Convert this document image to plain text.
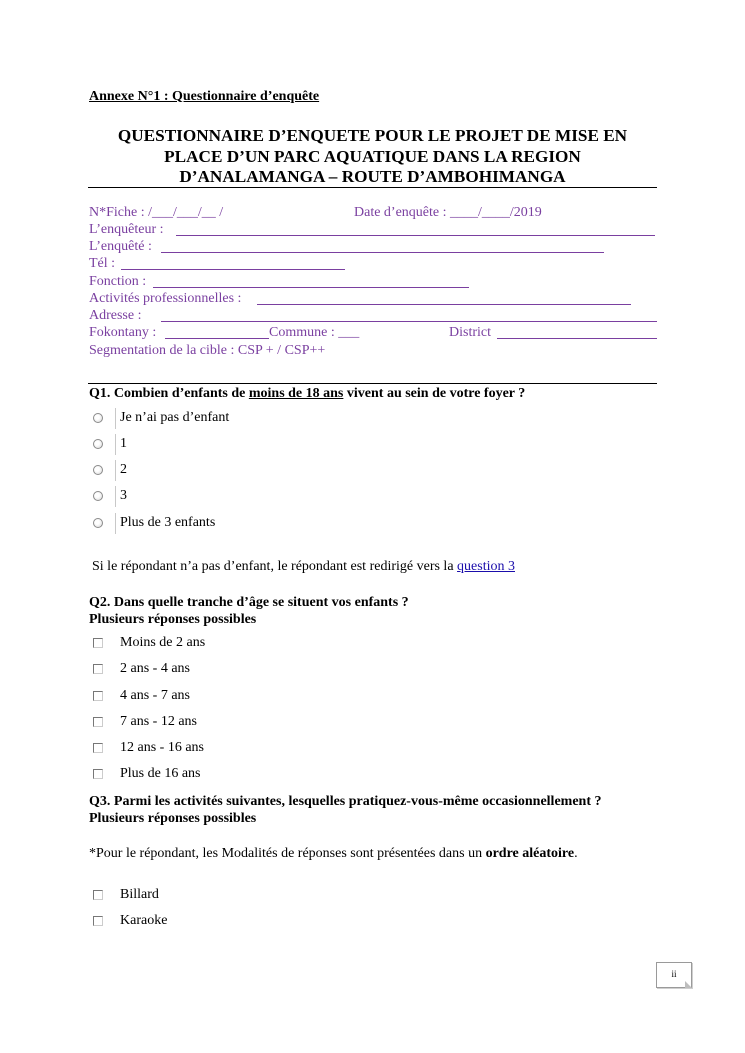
Annexe N°1 : Questionnaire d’enquête
QUESTIONNAIRE D’ENQUETE POUR LE PROJET DE MISE EN PLACE D’UN PARC AQUATIQUE DANS LA REGION D’ANALAMANGA – ROUTE D’AMBOHIMANGA
N*Fiche : /___/___/__ /	Date d’enquête : ____/____/2019
L’enquêteur :
L’enquêté :
Tél :
Fonction :
Activités professionnelles :
Adresse :
Fokontany :	Commune : ___	District
Segmentation de la cible : CSP + / CSP++
Q1. Combien d’enfants de moins de 18 ans vivent au sein de votre foyer ?
Je n’ai pas d’enfant
1
2
3
Plus de 3 enfants
Si le répondant n’a pas d’enfant, le répondant est redirigé vers la question 3
Q2. Dans quelle tranche d’âge se situent vos enfants ?
Plusieurs réponses possibles
Moins de 2 ans
2 ans - 4 ans
4 ans - 7 ans
7 ans - 12 ans
12 ans - 16 ans
Plus de 16 ans
Q3. Parmi les activités suivantes, lesquelles pratiquez-vous-même occasionnellement ?
Plusieurs réponses possibles
*Pour le répondant, les Modalités de réponses sont présentées dans un ordre aléatoire.
Billard
Karaoke
ii
